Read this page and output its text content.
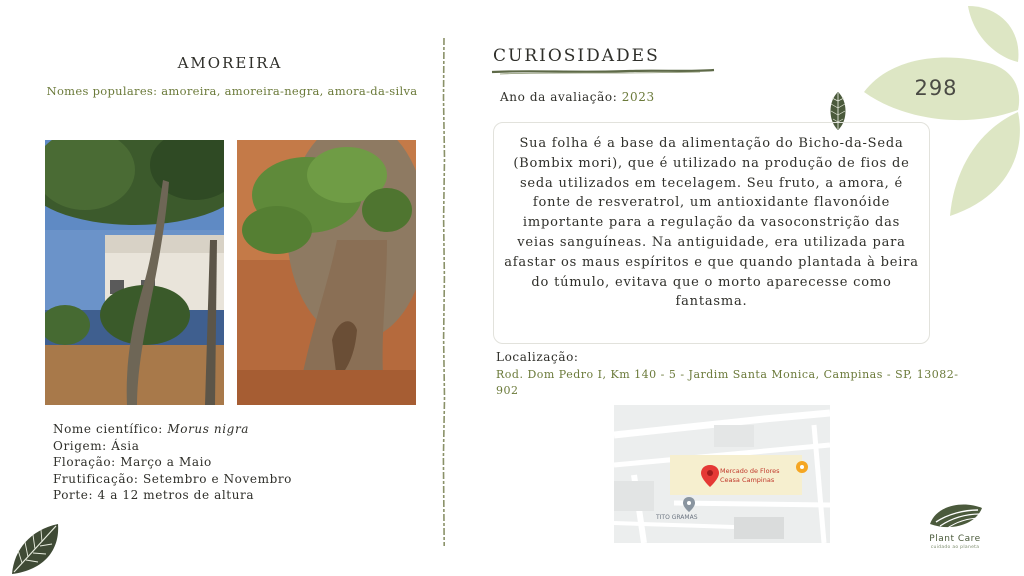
298
AMOREIRA
Nomes populares: amoreira, amoreira-negra, amora-da-silva
Nome científico: Morus nigra
Origem: Ásia
Floração: Março a Maio
Frutificação: Setembro e Novembro
Porte: 4 a 12 metros de altura
CURIOSIDADES
Ano da avaliação: 2023
Sua folha é a base da alimentação do Bicho-da-Seda (Bombix mori), que é utilizado na produção de fios de seda utilizados em tecelagem. Seu fruto, a amora, é fonte de resveratrol, um antioxidante flavonóide importante para a regulação da vasoconstrição das veias sanguíneas. Na antiguidade, era utilizada para afastar os maus espíritos e que quando plantada à beira do túmulo, evitava que o morto aparecesse como fantasma.
Localização:
Rod. Dom Pedro I, Km 140 - 5 - Jardim Santa Monica, Campinas - SP, 13082-902
Mercado de Flores
Ceasa Campinas
TITO GRAMAS
Plant Care
cuidado ao planeta
